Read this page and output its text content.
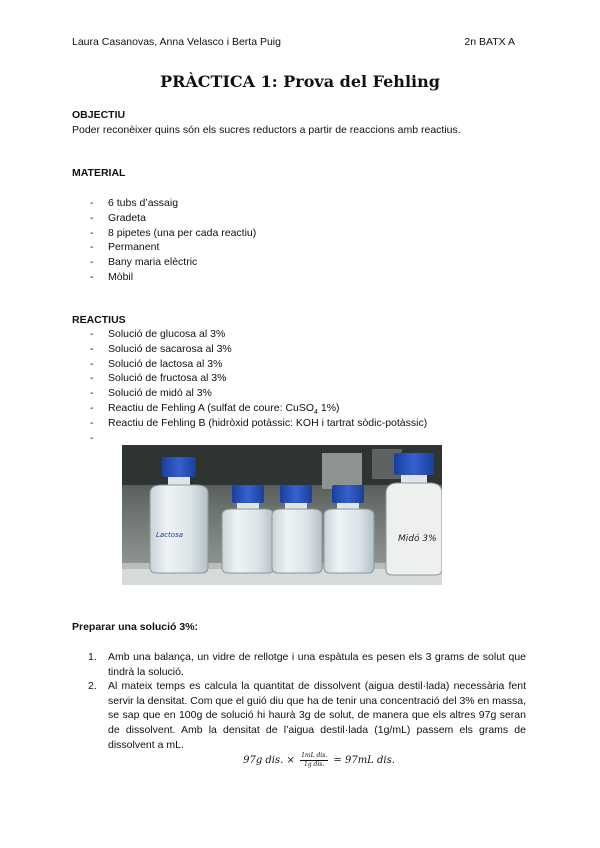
Laura Casanovas, Anna Velasco i Berta Puig	2n BATX A
PRÀCTICA 1: Prova del Fehling
OBJECTIU
Poder reconèixer quins són els sucres reductors a partir de reaccions amb reactius.
MATERIAL
- 6 tubs d’assaig
- Gradeta
- 8 pipetes (una per cada reactiu)
- Permanent
- Bany maria elèctric
- Mòbil
REACTIUS
- Solució de glucosa al 3%
- Solució de sacarosa al 3%
- Solució de lactosa al 3%
- Solució de fructosa al 3%
- Solució de midó al 3%
- Reactiu de Fehling A (sulfat de coure: CuSO$_4$ 1%)
- Reactiu de Fehling B (hidròxid potàssic: KOH i tartrat sòdic-potàssic)
-
Lactosa	Midó 3%
Preparar una solució 3%:
1. Amb una balança, un vidre de rellotge i una espàtula es pesen els 3 grams de solut que tindrà la solució.
2. Al mateix temps es calcula la quantitat de dissolvent (aigua destil·lada) necessària fent servir la densitat. Com que el guió diu que ha de tenir una concentració del 3% en massa, se sap que en 100g de solució hi haurà 3g de solut, de manera que els altres 97g seran de dissolvent. Amb la densitat de l’aigua destil·lada (1g/mL) passem els grams de dissolvent a mL.
97g dis. × $\frac{\text{1mL dis.}}{\text{1g dis.}} = 97mL$ dis.
